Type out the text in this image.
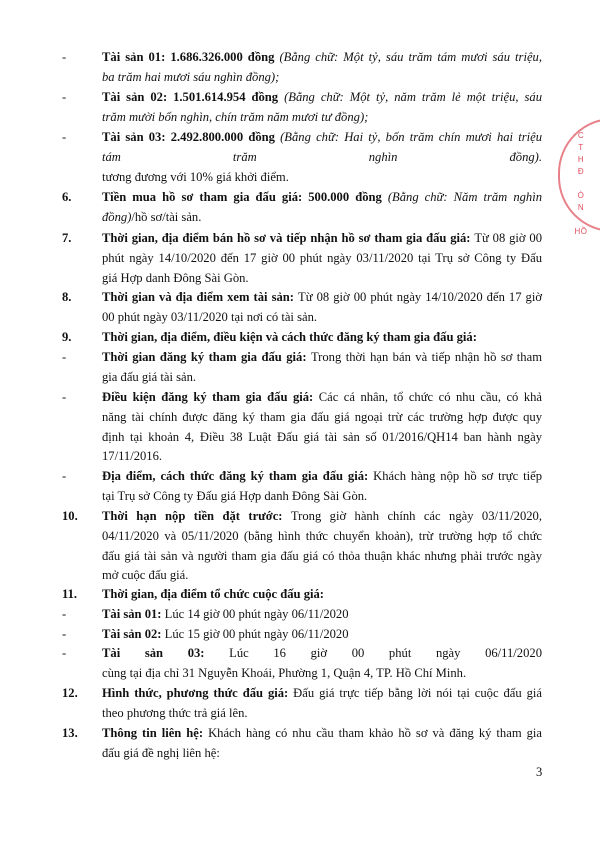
-	Tài sản 01: 1.686.326.000 đồng (Bằng chữ: Một tỷ, sáu trăm tám mươi sáu triệu,
ba trăm hai mươi sáu nghìn đồng);
-	Tài sản 02: 1.501.614.954 đồng (Bằng chữ: Một tỷ, năm trăm lẻ một triệu, sáu
trăm mười bốn nghìn, chín trăm năm mươi tư đồng);
-	Tài sản 03: 2.492.800.000 đồng (Bằng chữ: Hai tỷ, bốn trăm chín mươi hai triệu
tám trăm nghìn đồng).
tương đương với 10% giá khởi điểm.
6. Tiền mua hồ sơ tham gia đấu giá: 500.000 đồng (Bằng chữ: Năm trăm nghìn
đồng)/hồ sơ/tài sản.
7. Thời gian, địa điểm bán hồ sơ và tiếp nhận hồ sơ tham gia đấu giá: Từ 08 giờ 00
phút ngày 14/10/2020 đến 17 giờ 00 phút ngày 03/11/2020 tại Trụ sở Công ty Đấu
giá Hợp danh Đông Sài Gòn.
8. Thời gian và địa điểm xem tài sản: Từ 08 giờ 00 phút ngày 14/10/2020 đến 17 giờ
00 phút ngày 03/11/2020 tại nơi có tài sản.
9. Thời gian, địa điểm, điều kiện và cách thức đăng ký tham gia đấu giá:
-	Thời gian đăng ký tham gia đấu giá: Trong thời hạn bán và tiếp nhận hồ sơ tham
gia đấu giá tài sản.
-	Điều kiện đăng ký tham gia đấu giá: Các cá nhân, tổ chức có nhu cầu, có khả
năng tài chính được đăng ký tham gia đấu giá ngoại trừ các trường hợp được quy
định tại khoản 4, Điều 38 Luật Đấu giá tài sản số 01/2016/QH14 ban hành ngày
17/11/2016.
-	Địa điểm, cách thức đăng ký tham gia đấu giá: Khách hàng nộp hồ sơ trực tiếp
tại Trụ sở Công ty Đấu giá Hợp danh Đông Sài Gòn.
10. Thời hạn nộp tiền đặt trước: Trong giờ hành chính các ngày 03/11/2020,
04/11/2020 và 05/11/2020 (bằng hình thức chuyển khoản), trừ trường hợp tổ chức
đấu giá tài sản và người tham gia đấu giá có thỏa thuận khác nhưng phải trước ngày
mở cuộc đấu giá.
11. Thời gian, địa điểm tổ chức cuộc đấu giá:
-	Tài sản 01: Lúc 14 giờ 00 phút ngày 06/11/2020
-	Tài sản 02: Lúc 15 giờ 00 phút ngày 06/11/2020
-	Tài sản 03: Lúc 16 giờ 00 phút ngày 06/11/2020
cùng tại địa chỉ 31 Nguyễn Khoái, Phường 1, Quận 4, TP. Hồ Chí Minh.
12. Hình thức, phương thức đấu giá: Đấu giá trực tiếp bằng lời nói tại cuộc đấu giá
theo phương thức trả giá lên.
13. Thông tin liên hệ: Khách hàng có nhu cầu tham khảo hồ sơ và đăng ký tham gia
đấu giá đề nghị liên hệ:
C
T
H
Đ

Ò
N

HỒ
3
